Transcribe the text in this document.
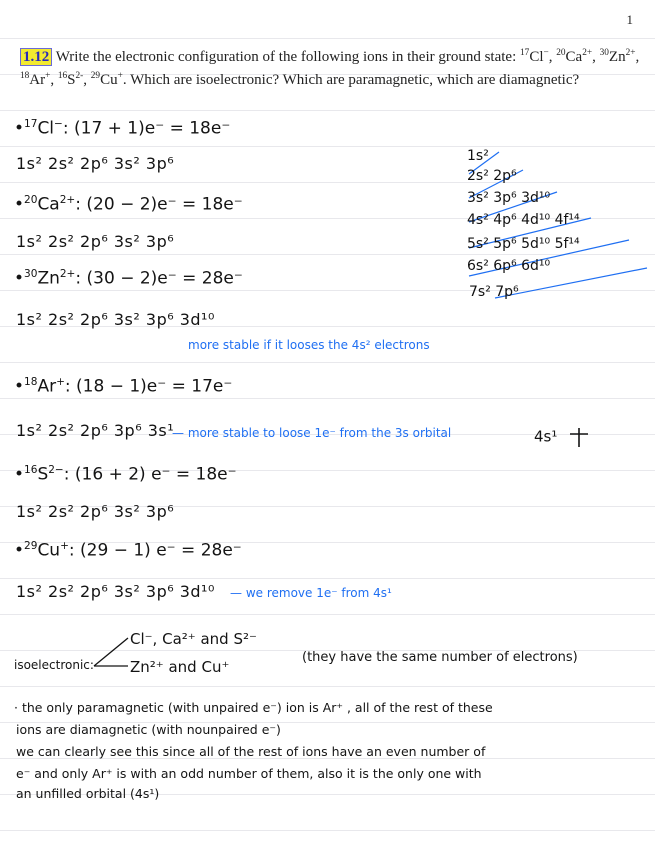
1
1.12 Write the electronic configuration of the following ions in their ground state: $^{17}$Cl−, $^{20}Ca^{2+}$, $^{30}Zn^{2+}$, $^{18}$Ar+, $^{16}S^{2-}$, $^{29}$Cu+. Which are isoelectronic? Which are paramagnetic, which are diamagnetic?
•$^{17}$Cl−: (17 + 1)e⁻ = 18e⁻
1s² 2s² 2p⁶ 3s² 3p⁶
$•^{20}Ca^{2+}$: (20 − 2)e⁻ = 18e⁻
1s² 2s² 2p⁶ 3s² 3p⁶
$•^{30}Zn^{2+}$: (30 − 2)e⁻ = 28e⁻
1s² 2s² 2p⁶ 3s² 3p⁶ 3d¹⁰
more stable if it looses the 4s² electrons
•$^{18}$Ar+: (18 − 1)e⁻ = 17e⁻
1s² 2s² 2p⁶ 3p⁶ 3s¹
— more stable to loose 1e⁻ from the 3s orbital	4s¹
$•^{16}S^{2-}$: (16 + 2) e⁻ = 18e⁻
1s² 2s² 2p⁶ 3s² 3p⁶
•$^{29}$Cu+: (29 − 1) e⁻ = 28e⁻
1s² 2s² 2p⁶ 3s² 3p⁶ 3d¹⁰ — we remove 1e⁻ from 4s¹
1s²
2s² 2p⁶
3s² 3p⁶ 3d¹⁰
4s² 4p⁶ 4d¹⁰ 4f¹⁴
5s² 5p⁶ 5d¹⁰ 5f¹⁴
6s² 6p⁶ 6d¹⁰
7s² 7p⁶
isoelectronic:
Cl⁻, Ca²⁺ and S²⁻
Zn²⁺ and Cu⁺
(they have the same number of electrons)
· the only paramagnetic (with unpaired e⁻) ion is Ar⁺ , all of the rest of these
ions are diamagnetic (with nounpaired e⁻)
we can clearly see this since all of the rest of ions have an even number of
e⁻ and only Ar⁺ is with an odd number of them, also it is the only one with
an unfilled orbital (4s¹)
